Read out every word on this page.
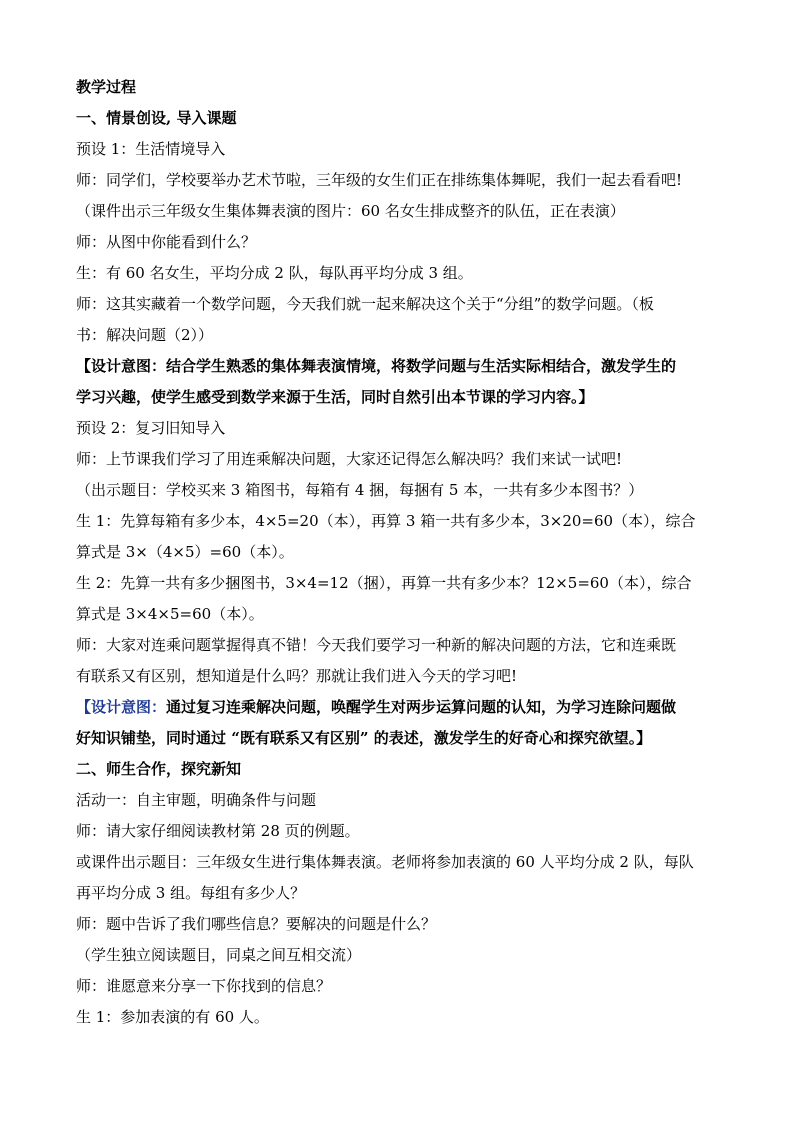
教学过程
一、情景创设, 导入课题
预设 1：生活情境导入
师：同学们，学校要举办艺术节啦，三年级的女生们正在排练集体舞呢，我们一起去看看吧!
（课件出示三年级女生集体舞表演的图片：60 名女生排成整齐的队伍，正在表演）
师：从图中你能看到什么？
生：有 60 名女生，平均分成 2 队，每队再平均分成 3 组。
师：这其实藏着一个数学问题，今天我们就一起来解决这个关于“分组”的数学问题。（板
书：解决问题（2））
【设计意图：结合学生熟悉的集体舞表演情境，将数学问题与生活实际相结合，激发学生的
学习兴趣，使学生感受到数学来源于生活，同时自然引出本节课的学习内容。】
预设 2：复习旧知导入
师：上节课我们学习了用连乘解决问题，大家还记得怎么解决吗？我们来试一试吧!
（出示题目：学校买来 3 箱图书，每箱有 4 捆，每捆有 5 本，一共有多少本图书？）
生 1：先算每箱有多少本，4×5=20（本），再算 3 箱一共有多少本，3×20=60（本），综合
算式是 3×（4×5）=60（本）。
生 2：先算一共有多少捆图书，3×4=12（捆），再算一共有多少本？12×5=60（本），综合
算式是 3×4×5=60（本）。
师：大家对连乘问题掌握得真不错！今天我们要学习一种新的解决问题的方法，它和连乘既
有联系又有区别，想知道是什么吗？那就让我们进入今天的学习吧!
【设计意图：通过复习连乘解决问题，唤醒学生对两步运算问题的认知，为学习连除问题做
好知识铺垫，同时通过 “既有联系又有区别” 的表述，激发学生的好奇心和探究欲望。】
二、师生合作，探究新知
活动一：自主审题，明确条件与问题
师：请大家仔细阅读教材第 28 页的例题。
或课件出示题目：三年级女生进行集体舞表演。老师将参加表演的 60 人平均分成 2 队，每队
再平均分成 3 组。每组有多少人？
师：题中告诉了我们哪些信息？要解决的问题是什么？
（学生独立阅读题目，同桌之间互相交流）
师：谁愿意来分享一下你找到的信息？
生 1：参加表演的有 60 人。
